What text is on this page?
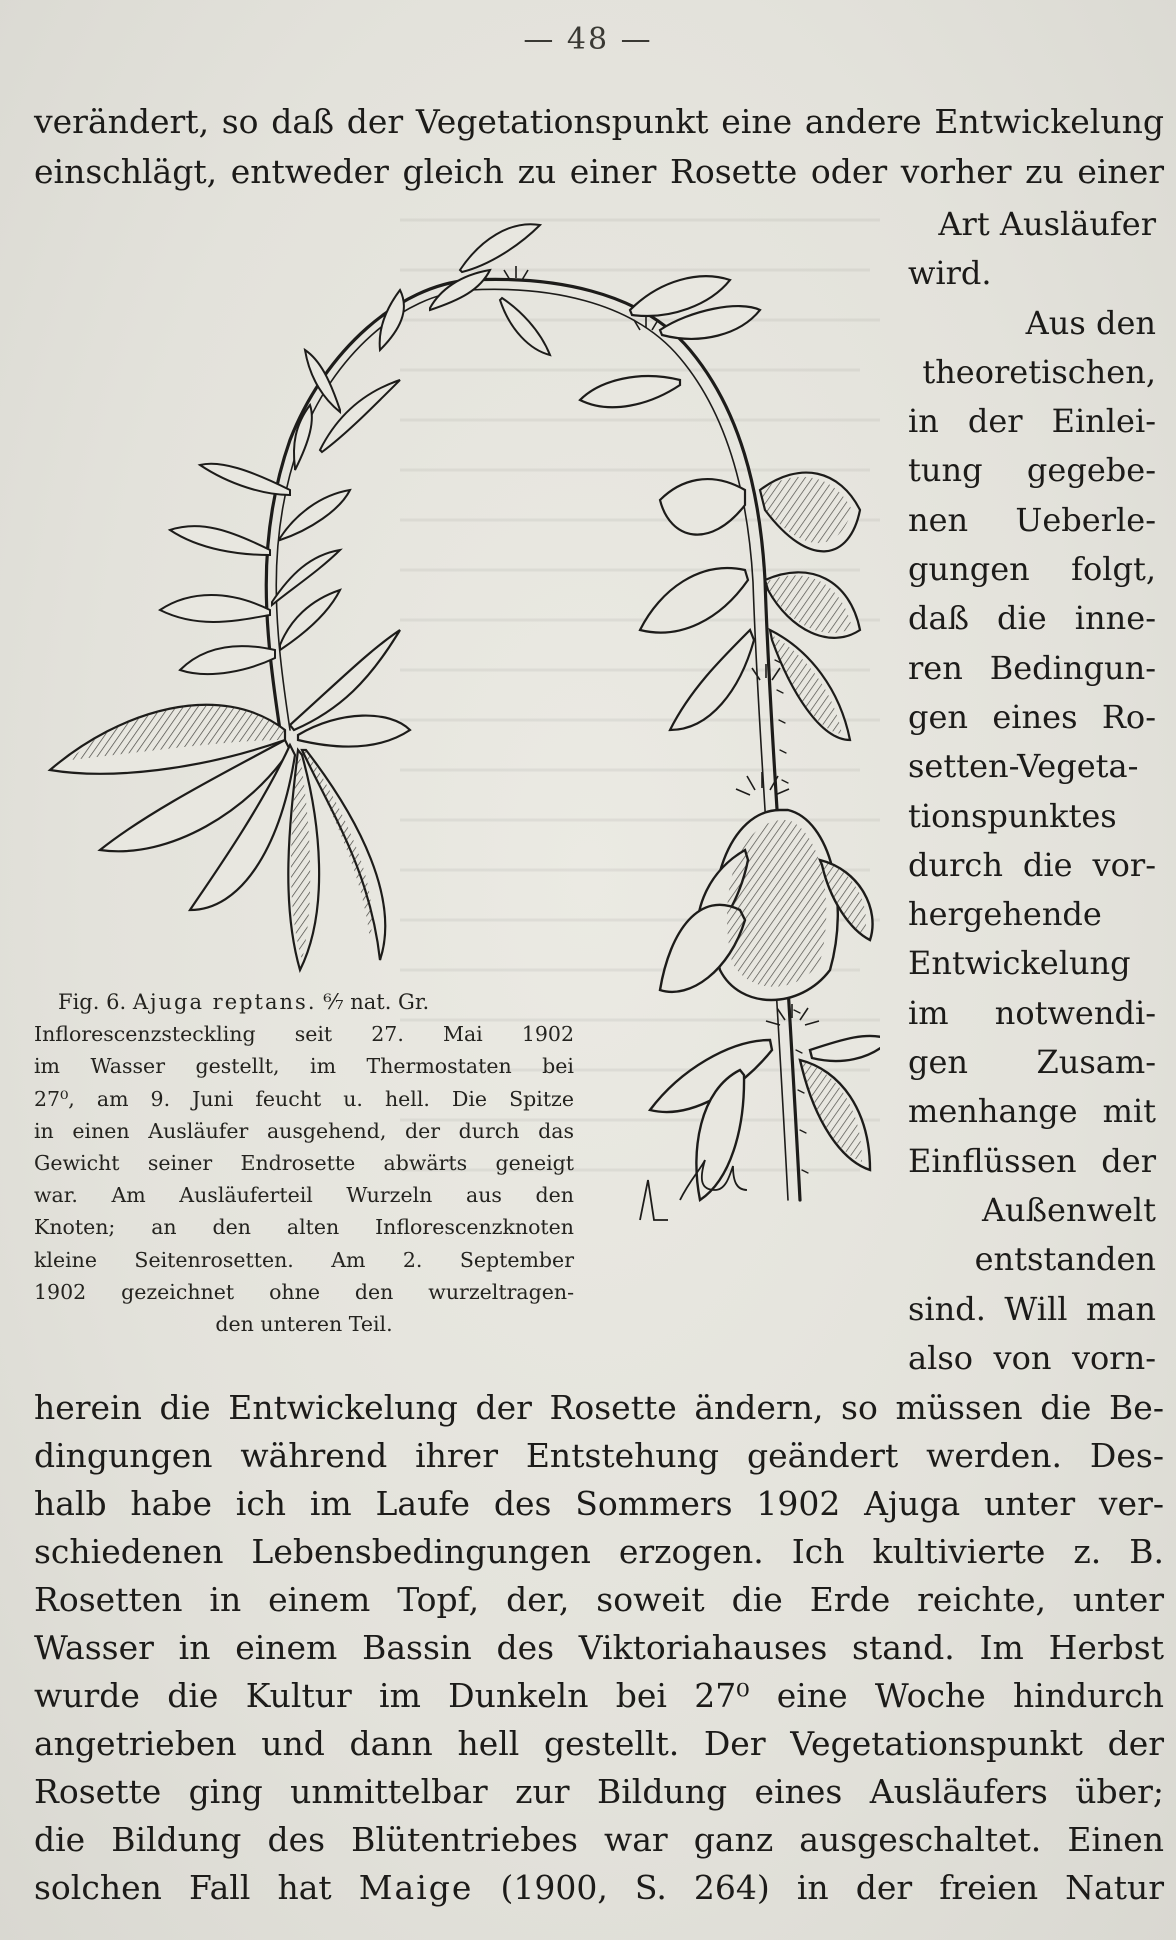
— 48 —
verändert, so daß der Vegetationspunkt eine andere Entwickelung
einschlägt, entweder gleich zu einer Rosette oder vorher zu einer
Art Ausläufer
wird.
Aus den
theoretischen,
in der Einlei-
tung gegebe-
nen Ueberle-
gungen folgt,
daß die inne-
ren Bedingun-
gen eines Ro-
setten-Vegeta-
tionspunktes
durch die vor-
hergehende
Entwickelung
im notwendi-
gen Zusam-
menhange mit
Einflüssen der
Außenwelt
entstanden
sind. Will man
also von vorn-
Fig. 6. Ajuga reptans. ⁶⁄₇ nat. Gr.
Inflorescenzsteckling seit 27. Mai 1902
im Wasser gestellt, im Thermostaten bei
27⁰, am 9. Juni feucht u. hell. Die Spitze
in einen Ausläufer ausgehend, der durch das
Gewicht seiner Endrosette abwärts geneigt
war. Am Ausläuferteil Wurzeln aus den
Knoten; an den alten Inflorescenzknoten
kleine Seitenrosetten. Am 2. September
1902 gezeichnet ohne den wurzeltragen-
den unteren Teil.
herein die Entwickelung der Rosette ändern, so müssen die Be-
dingungen während ihrer Entstehung geändert werden. Des-
halb habe ich im Laufe des Sommers 1902 Ajuga unter ver-
schiedenen Lebensbedingungen erzogen. Ich kultivierte z. B.
Rosetten in einem Topf, der, soweit die Erde reichte, unter
Wasser in einem Bassin des Viktoriahauses stand. Im Herbst
wurde die Kultur im Dunkeln bei 27⁰ eine Woche hindurch
angetrieben und dann hell gestellt. Der Vegetationspunkt der
Rosette ging unmittelbar zur Bildung eines Ausläufers über;
die Bildung des Blütentriebes war ganz ausgeschaltet. Einen
solchen Fall hat Maige (1900, S. 264) in der freien Natur
